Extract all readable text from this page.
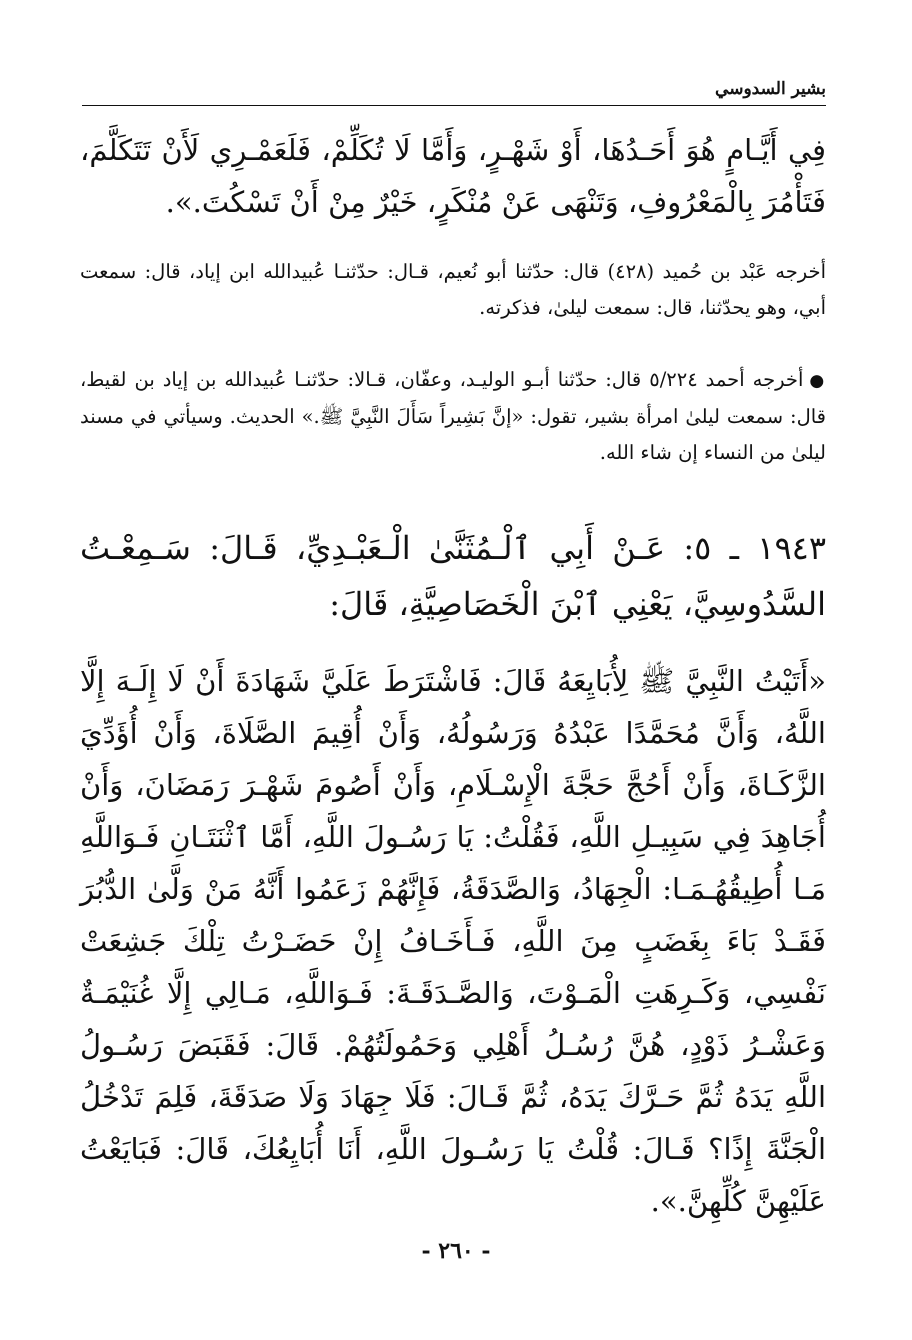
بشير السدوسي

فِي أَيَّـامٍ هُوَ أَحَـدُهَا، أَوْ شَهْـرٍ، وَأَمَّا لَا تُكَلِّمْ، فَلَعَمْـرِي لَأَنْ تَتَكَلَّمَ، فَتَأْمُرَ بِالْمَعْرُوفِ، وَتَنْهَى عَنْ مُنْكَرٍ، خَيْرٌ مِنْ أَنْ تَسْكُتَ.».

أخرجه عَبْد بن حُميد (٤٢٨) قال: حدّثنا أبو نُعيم، قـال: حدّثنـا عُبيدالله ابن إياد، قال: سمعت أبي، وهو يحدّثنا، قال: سمعت ليلىٰ، فذكرته.

●أخرجه أحمد ٥/٢٢٤ قال: حدّثنا أبـو الوليـد، وعفّان، قـالا: حدّثنـا عُبيدالله بن إياد بن لقيط، قال: سمعت ليلىٰ امرأة بشير، تقول: «إنَّ بَشِيراً سَأَلَ النَّبِيَّ ﷺ.» الحديث. وسيأتي في مسند ليلىٰ من النساء إن شاء الله.

١٩٤٣ ـ ٥: عَـنْ أَبِي ٱلْـمُثَنَّىٰ الْـعَبْـدِيِّ، قَـالَ: سَـمِعْـتُ السَّدُوسِيَّ، يَعْنِي ٱبْنَ الْخَصَاصِيَّةِ، قَالَ:

«أَتَيْتُ النَّبِيَّ ﷺ لِأُبَايِعَهُ قَالَ: فَاشْتَرَطَ عَلَيَّ شَهَادَةَ أَنْ لَا إِلَـهَ إِلَّا اللَّهُ، وَأَنَّ مُحَمَّدًا عَبْدُهُ وَرَسُولُهُ، وَأَنْ أُقِيمَ الصَّلَاةَ، وَأَنْ أُؤَدِّيَ الزَّكَـاةَ، وَأَنْ أَحُجَّ حَجَّةَ الْإِسْـلَامِ، وَأَنْ أَصُومَ شَهْـرَ رَمَضَانَ، وَأَنْ أُجَاهِدَ فِي سَبِيـلِ اللَّهِ، فَقُلْتُ: يَا رَسُـولَ اللَّهِ، أَمَّا ٱثْنَتَـانِ فَـوَاللَّهِ مَـا أُطِيقُهُـمَـا: الْجِهَادُ، وَالصَّدَقَةُ، فَإِنَّهُمْ زَعَمُوا أَنَّهُ مَنْ وَلَّىٰ الدُّبُرَ فَقَـدْ بَاءَ بِغَضَبٍ مِنَ اللَّهِ، فَـأَخَـافُ إِنْ حَضَـرْتُ تِلْكَ جَشِعَتْ نَفْسِي، وَكَـرِهَتِ الْمَـوْتَ، وَالصَّـدَقَـةَ: فَـوَاللَّهِ، مَـالِي إِلَّا غُنَيْمَـةٌ وَعَشْـرُ ذَوْدٍ، هُنَّ رُسُـلُ أَهْلِي وَحَمُولَتُهُمْ. قَالَ: فَقَبَضَ رَسُـولُ اللَّهِ يَدَهُ ثُمَّ حَـرَّكَ يَدَهُ، ثُمَّ قَـالَ: فَلَا جِهَادَ وَلَا صَدَقَةَ، فَلِمَ تَدْخُلُ الْجَنَّةَ إِذًا؟ قَـالَ: قُلْتُ يَا رَسُـولَ اللَّهِ، أَنَا أُبَايِعُكَ، قَالَ: فَبَايَعْتُ عَلَيْهِنَّ كُلِّهِنَّ.».

- ٢٦٠ -
